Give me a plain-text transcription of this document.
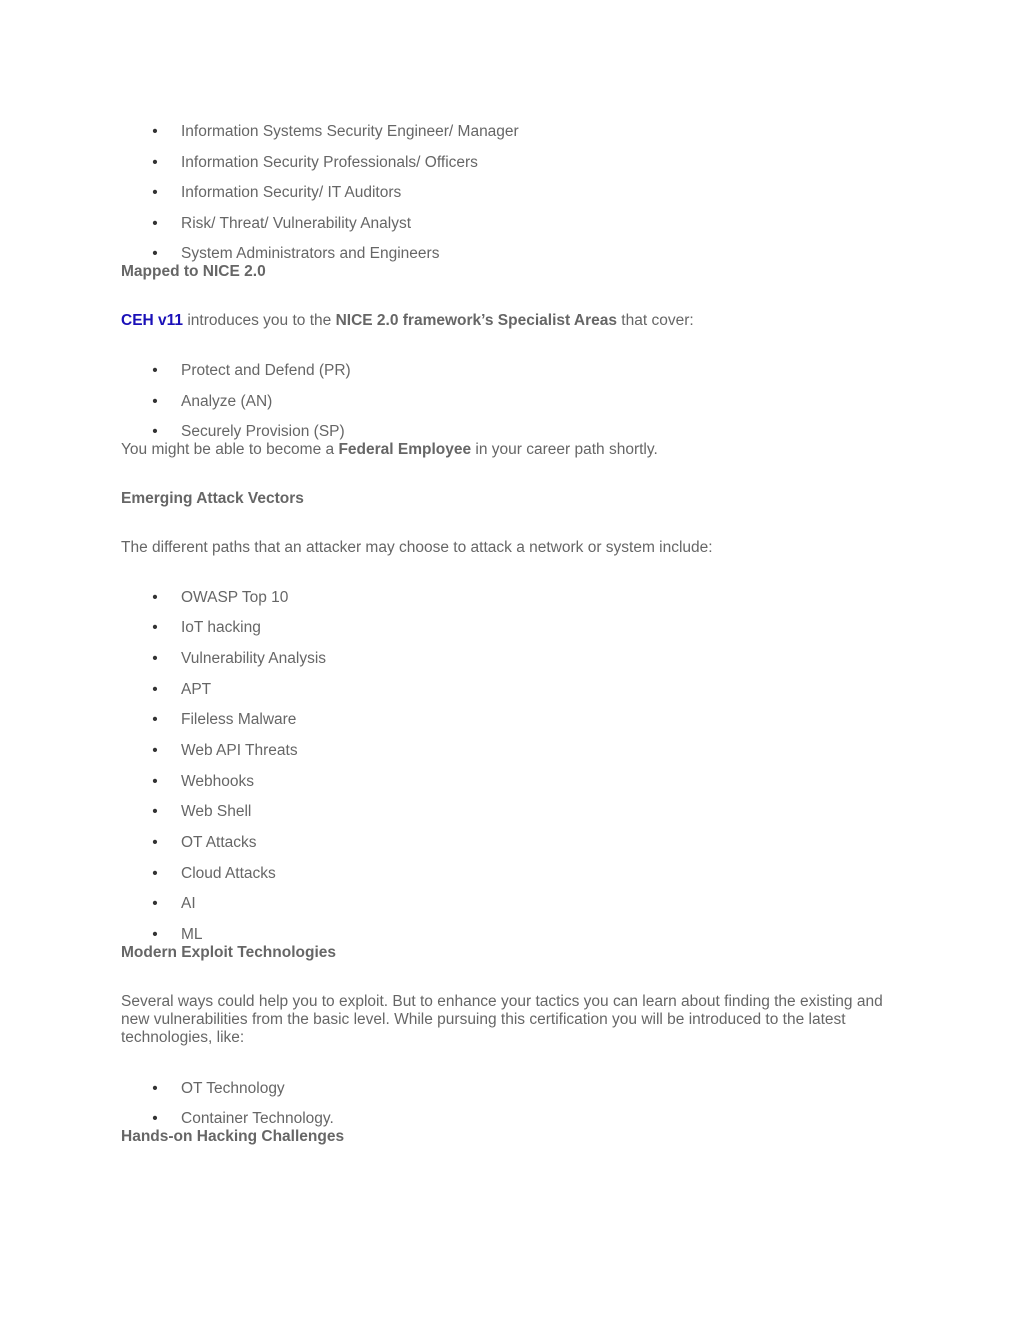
• Information Systems Security Engineer/ Manager
• Information Security Professionals/ Officers
• Information Security/ IT Auditors
• Risk/ Threat/ Vulnerability Analyst
• System Administrators and Engineers
Mapped to NICE 2.0
CEH v11 introduces you to the NICE 2.0 framework’s Specialist Areas that cover:
• Protect and Defend (PR)
• Analyze (AN)
• Securely Provision (SP)
You might be able to become a Federal Employee in your career path shortly.
Emerging Attack Vectors
The different paths that an attacker may choose to attack a network or system include:
• OWASP Top 10
• IoT hacking
• Vulnerability Analysis
• APT
• Fileless Malware
• Web API Threats
• Webhooks
• Web Shell
• OT Attacks
• Cloud Attacks
• AI
• ML
Modern Exploit Technologies
Several ways could help you to exploit. But to enhance your tactics you can learn about finding the existing and new vulnerabilities from the basic level. While pursuing this certification you will be introduced to the latest technologies, like:
• OT Technology
• Container Technology.
Hands-on Hacking Challenges
